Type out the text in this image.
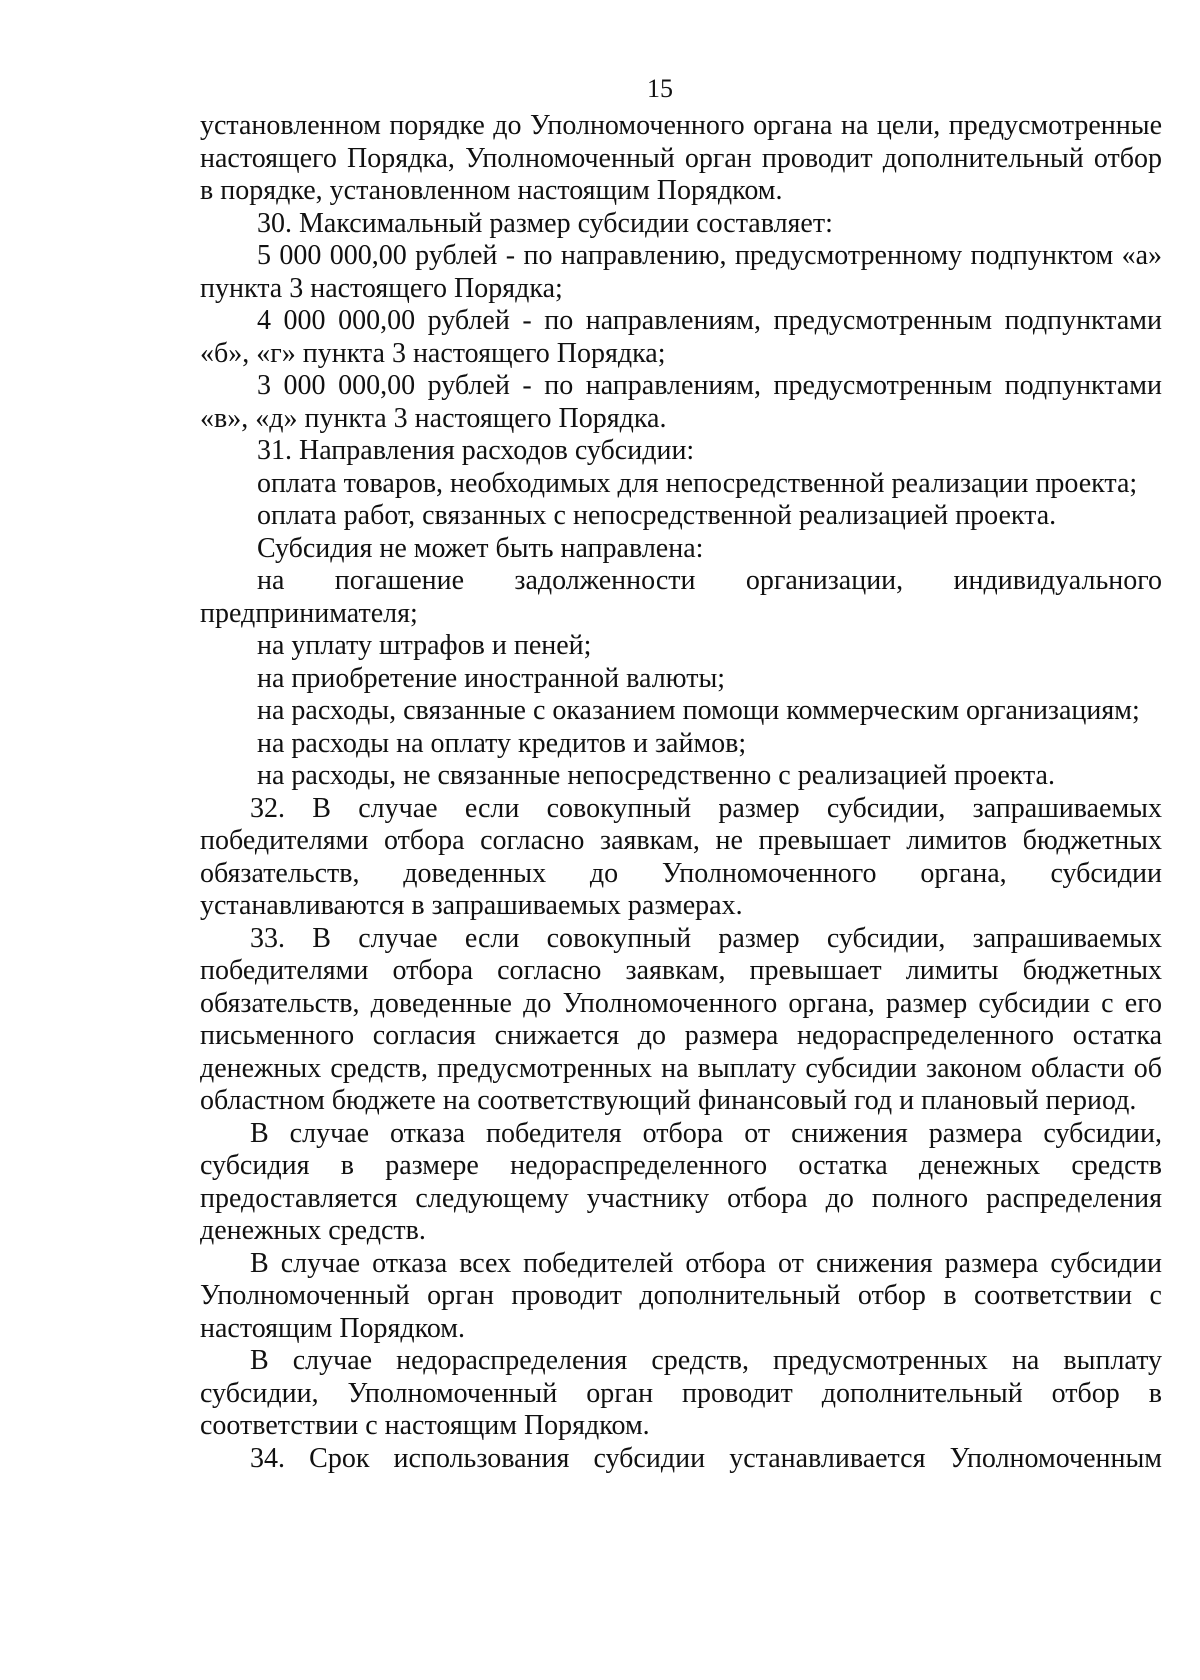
15

установленном порядке до Уполномоченного органа на цели, предусмотренные настоящего Порядка, Уполномоченный орган проводит дополнительный отбор в порядке, установленном настоящим Порядком.

30. Максимальный размер субсидии составляет:

5 000 000,00 рублей - по направлению, предусмотренному подпунктом «а» пункта 3 настоящего Порядка;

4 000 000,00 рублей - по направлениям, предусмотренным подпунктами «б», «г» пункта 3 настоящего Порядка;

3 000 000,00 рублей - по направлениям, предусмотренным подпунктами «в», «д» пункта 3 настоящего Порядка.

31. Направления расходов субсидии:

оплата товаров, необходимых для непосредственной реализации проекта;

оплата работ, связанных с непосредственной реализацией проекта.

Субсидия не может быть направлена:

на погашение задолженности организации, индивидуального предпринимателя;

на уплату штрафов и пеней;

на приобретение иностранной валюты;

на расходы, связанные с оказанием помощи коммерческим организациям;

на расходы на оплату кредитов и займов;

на расходы, не связанные непосредственно с реализацией проекта.

32. В случае если совокупный размер субсидии, запрашиваемых победителями отбора согласно заявкам, не превышает лимитов бюджетных обязательств, доведенных до Уполномоченного органа, субсидии устанавливаются в запрашиваемых размерах.

33. В случае если совокупный размер субсидии, запрашиваемых победителями отбора согласно заявкам, превышает лимиты бюджетных обязательств, доведенные до Уполномоченного органа, размер субсидии с его письменного согласия снижается до размера недораспределенного остатка денежных средств, предусмотренных на выплату субсидии законом области об областном бюджете на соответствующий финансовый год и плановый период.

В случае отказа победителя отбора от снижения размера субсидии, субсидия в размере недораспределенного остатка денежных средств предоставляется следующему участнику отбора до полного распределения денежных средств.

В случае отказа всех победителей отбора от снижения размера субсидии Уполномоченный орган проводит дополнительный отбор в соответствии с настоящим Порядком.

В случае недораспределения средств, предусмотренных на выплату субсидии, Уполномоченный орган проводит дополнительный отбор в соответствии с настоящим Порядком.

34. Срок использования субсидии устанавливается Уполномоченным
